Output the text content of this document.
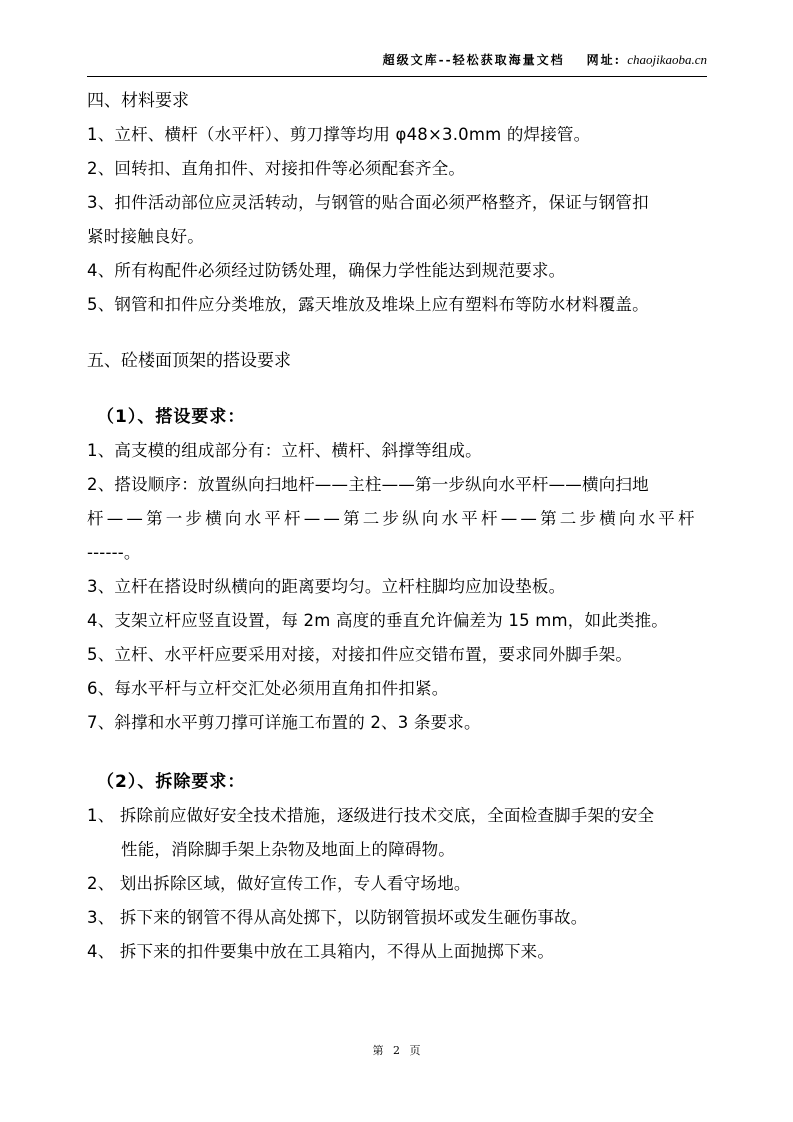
超级文库--轻松获取海量文档 网址: chaojikaoba.cn
四、材料要求
1、立杆、横杆（水平杆）、剪刀撑等均用 φ48×3.0mm 的焊接管。
2、回转扣、直角扣件、对接扣件等必须配套齐全。
3、扣件活动部位应灵活转动，与钢管的贴合面必须严格整齐，保证与钢管扣
紧时接触良好。
4、所有构配件必须经过防锈处理，确保力学性能达到规范要求。
5、钢管和扣件应分类堆放，露天堆放及堆垛上应有塑料布等防水材料覆盖。
五、砼楼面顶架的搭设要求
（1）、搭设要求：
1、高支模的组成部分有：立杆、横杆、斜撑等组成。
2、搭设顺序：放置纵向扫地杆——主柱——第一步纵向水平杆——横向扫地
杆——第一步横向水平杆——第二步纵向水平杆——第二步横向水平杆
------。
3、立杆在搭设时纵横向的距离要均匀。立杆柱脚均应加设垫板。
4、支架立杆应竖直设置，每 2m 高度的垂直允许偏差为 15 mm，如此类推。
5、立杆、水平杆应要采用对接，对接扣件应交错布置，要求同外脚手架。
6、每水平杆与立杆交汇处必须用直角扣件扣紧。
7、斜撑和水平剪刀撑可详施工布置的 2、3 条要求。
（2）、拆除要求：
1、 拆除前应做好安全技术措施，逐级进行技术交底，全面检查脚手架的安全
性能，消除脚手架上杂物及地面上的障碍物。
2、 划出拆除区域，做好宣传工作，专人看守场地。
3、 拆下来的钢管不得从高处掷下，以防钢管损坏或发生砸伤事故。
4、 拆下来的扣件要集中放在工具箱内，不得从上面抛掷下来。
第 2 页
